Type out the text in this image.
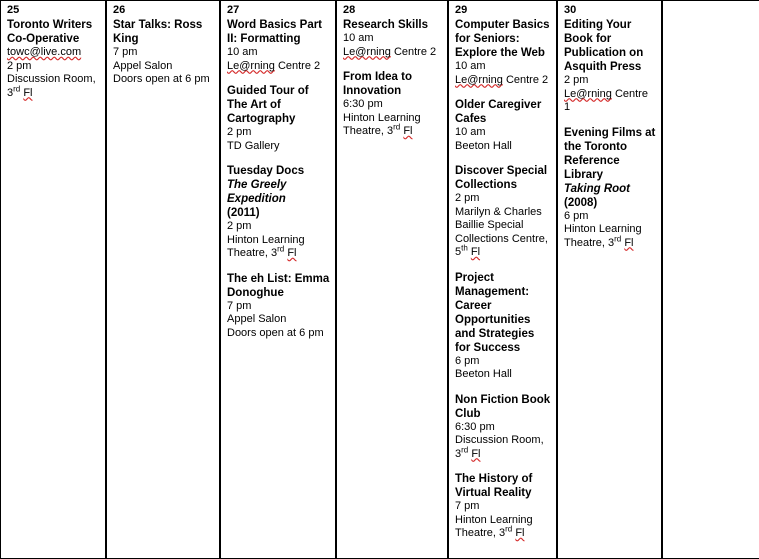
25
Toronto Writers Co-Operative
towc@live.com
2 pm
Discussion Room,
3rd Fl
26
Star Talks: Ross King
7 pm
Appel Salon
Doors open at 6 pm
27
Word Basics Part II: Formatting
10 am
Le@rning Centre 2
Guided Tour of The Art of Cartography
2 pm
TD Gallery
Tuesday Docs
The Greely Expedition
(2011)
2 pm
Hinton Learning
Theatre, 3rd Fl
The eh List: Emma Donoghue
7 pm
Appel Salon
Doors open at 6 pm
28
Research Skills
10 am
Le@rning Centre 2
From Idea to Innovation
6:30 pm
Hinton Learning
Theatre, 3rd Fl
29
Computer Basics for Seniors: Explore the Web
10 am
Le@rning Centre 2
Older Caregiver Cafes
10 am
Beeton Hall
Discover Special Collections
2 pm
Marilyn & Charles
Baillie Special
Collections Centre,
5th Fl
Project Management: Career Opportunities and Strategies for Success
6 pm
Beeton Hall
Non Fiction Book Club
6:30 pm
Discussion Room,
3rd Fl
The History of Virtual Reality
7 pm
Hinton Learning
Theatre, 3rd Fl
30
Editing Your Book for Publication on Asquith Press
2 pm
Le@rning Centre
1
Evening Films at the Toronto Reference Library
Taking Root
(2008)
6 pm
Hinton Learning
Theatre, 3rd Fl
